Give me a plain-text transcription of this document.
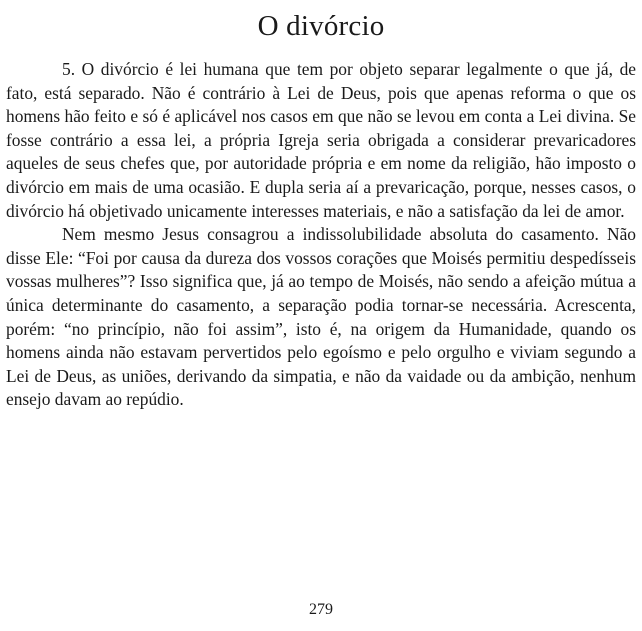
O divórcio

5. O divórcio é lei humana que tem por objeto separar legalmente o que já, de fato, está separado. Não é contrário à Lei de Deus, pois que apenas reforma o que os homens hão feito e só é aplicável nos casos em que não se levou em conta a Lei divina. Se fosse contrário a essa lei, a própria Igreja seria obrigada a considerar prevaricadores aqueles de seus chefes que, por autoridade própria e em nome da religião, hão imposto o divórcio em mais de uma ocasião. E dupla seria aí a prevaricação, porque, nesses casos, o divórcio há objetivado unicamente interesses materiais, e não a satisfação da lei de amor.

Nem mesmo Jesus consagrou a indissolubilidade absoluta do casamento. Não disse Ele: “Foi por causa da dureza dos vossos corações que Moisés permitiu despedísseis vossas mulheres”? Isso significa que, já ao tempo de Moisés, não sendo a afeição mútua a única determinante do casamento, a separação podia tornar-se necessária. Acrescenta, porém: “no princípio, não foi assim”, isto é, na origem da Humanidade, quando os homens ainda não estavam pervertidos pelo egoísmo e pelo orgulho e viviam segundo a Lei de Deus, as uniões, derivando da simpatia, e não da vaidade ou da ambição, nenhum ensejo davam ao repúdio.

279
